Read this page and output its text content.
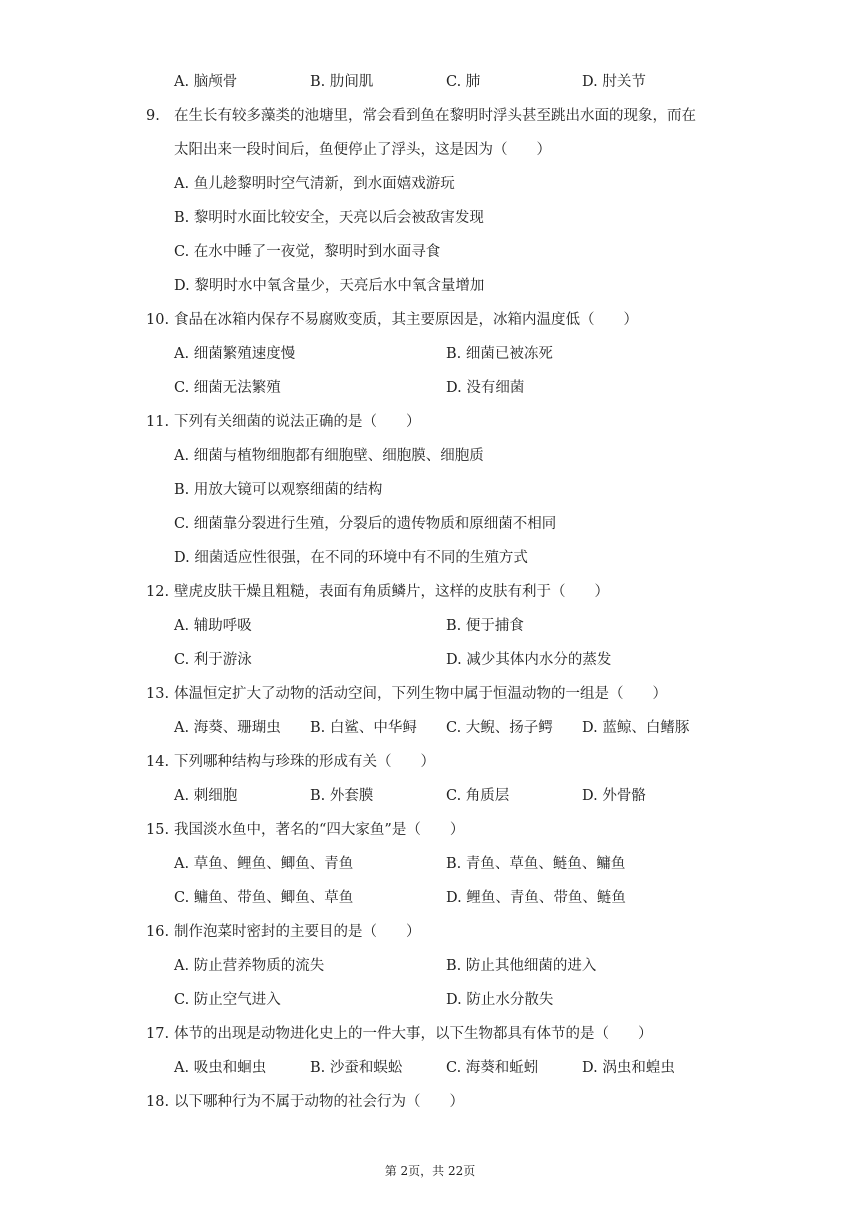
A. 脑颅骨	B. 肋间肌	C. 肺	D. 肘关节
9. 在生长有较多藻类的池塘里，常会看到鱼在黎明时浮头甚至跳出水面的现象，而在
太阳出来一段时间后，鱼便停止了浮头，这是因为（　　）
A. 鱼儿趁黎明时空气清新，到水面嬉戏游玩
B. 黎明时水面比较安全，天亮以后会被敌害发现
C. 在水中睡了一夜觉，黎明时到水面寻食
D. 黎明时水中氧含量少，天亮后水中氧含量增加
10. 食品在冰箱内保存不易腐败变质，其主要原因是，冰箱内温度低（　　）
A. 细菌繁殖速度慢	B. 细菌已被冻死
C. 细菌无法繁殖	D. 没有细菌
11. 下列有关细菌的说法正确的是（　　）
A. 细菌与植物细胞都有细胞壁、细胞膜、细胞质
B. 用放大镜可以观察细菌的结构
C. 细菌靠分裂进行生殖，分裂后的遗传物质和原细菌不相同
D. 细菌适应性很强，在不同的环境中有不同的生殖方式
12. 壁虎皮肤干燥且粗糙，表面有角质鳞片，这样的皮肤有利于（　　）
A. 辅助呼吸	B. 便于捕食
C. 利于游泳	D. 减少其体内水分的蒸发
13. 体温恒定扩大了动物的活动空间，下列生物中属于恒温动物的一组是（　　）
A. 海葵、珊瑚虫 B. 白鲨、中华鲟 C. 大鲵、扬子鳄 D. 蓝鲸、白鳍豚
14. 下列哪种结构与珍珠的形成有关（　　）
A. 刺细胞	B. 外套膜	C. 角质层	D. 外骨骼
15. 我国淡水鱼中，著名的“四大家鱼”是（　　）
A. 草鱼、鲤鱼、鲫鱼、青鱼	B. 青鱼、草鱼、鲢鱼、鳙鱼
C. 鳙鱼、带鱼、鲫鱼、草鱼	D. 鲤鱼、青鱼、带鱼、鲢鱼
16. 制作泡菜时密封的主要目的是（　　）
A. 防止营养物质的流失	B. 防止其他细菌的进入
C. 防止空气进入	D. 防止水分散失
17. 体节的出现是动物进化史上的一件大事，以下生物都具有体节的是（　　）
A. 吸虫和蛔虫	B. 沙蚕和蜈蚣	C. 海葵和蚯蚓	D. 涡虫和蝗虫
18. 以下哪种行为不属于动物的社会行为（　　）
第 2页，共 22页
